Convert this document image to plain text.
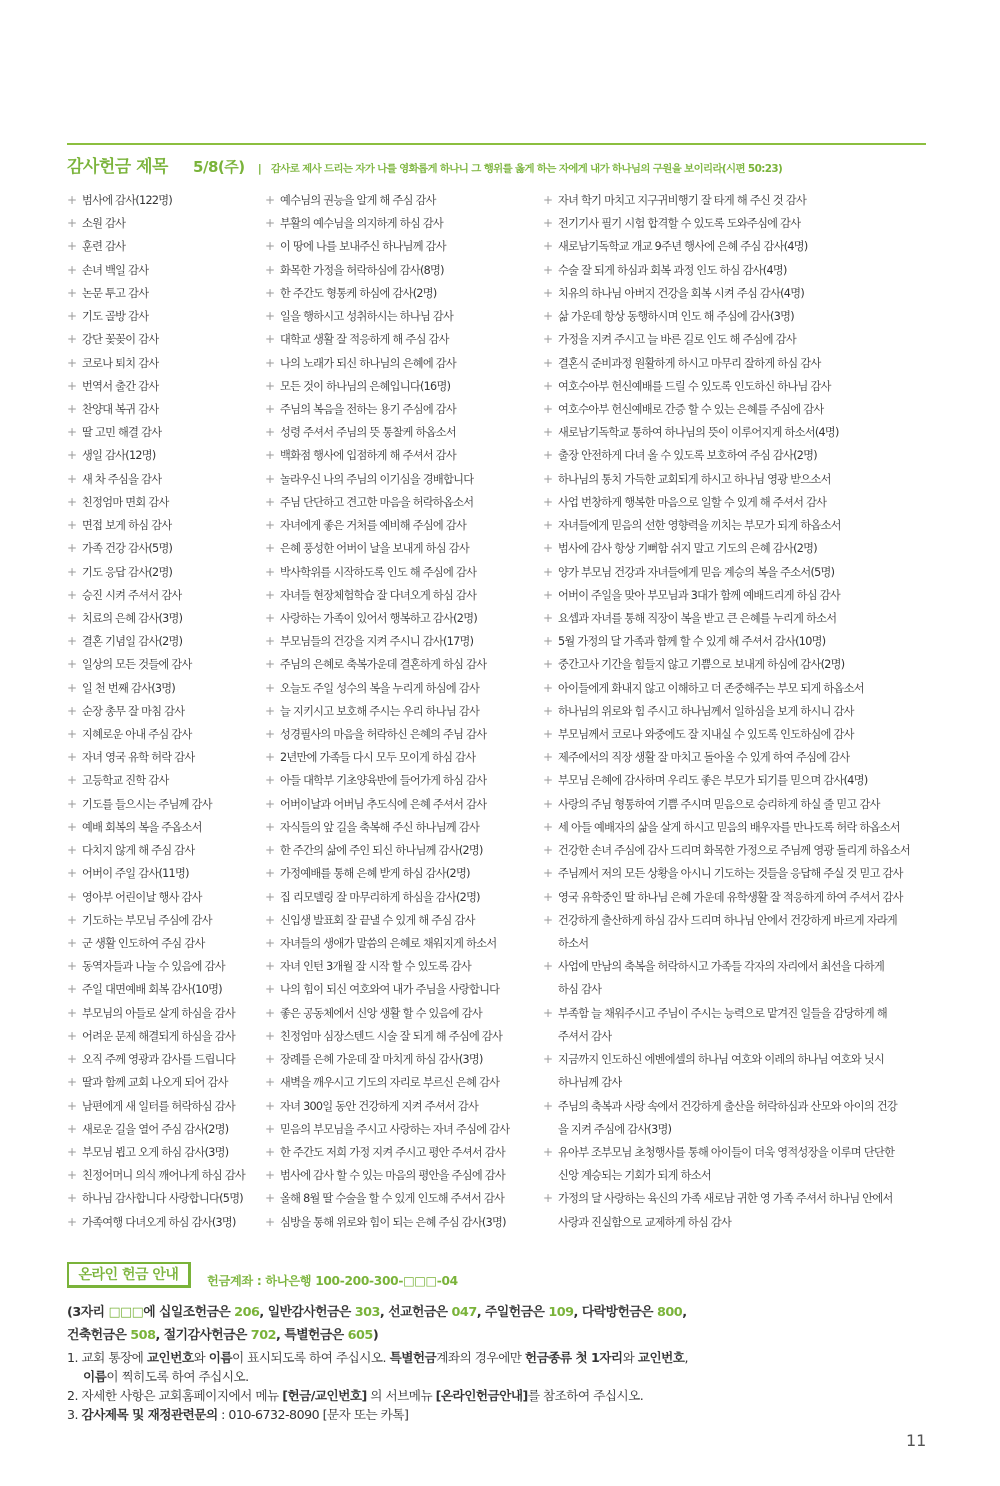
감사헌금 제목 5/8(주) | 감사로 제사 드리는 자가 나를 영화롭게 하나니 그 행위를 옳게 하는 자에게 내가 하나님의 구원을 보이리라(시편 50:23)
+ 범사에 감사(122명)
+ 소원 감사
+ 훈련 감사
+ 손녀 백일 감사
+ 논문 투고 감사
+ 기도 골방 감사
+ 강단 꽃꽂이 감사
+ 코로나 퇴치 감사
+ 번역서 출간 감사
+ 찬양대 복귀 감사
+ 딸 고민 해결 감사
+ 생일 감사(12명)
+ 새 차 주심을 감사
+ 친정엄마 면회 감사
+ 면접 보게 하심 감사
+ 가족 건강 감사(5명)
+ 기도 응답 감사(2명)
+ 승진 시켜 주셔서 감사
+ 치료의 은혜 감사(3명)
+ 결혼 기념일 감사(2명)
+ 일상의 모든 것들에 감사
+ 일 천 번째 감사(3명)
+ 순장 총무 잘 마침 감사
+ 지혜로운 아내 주심 감사
+ 자녀 영국 유학 허락 감사
+ 고등학교 진학 감사
+ 기도를 들으시는 주님께 감사
+ 예배 회복의 복을 주옵소서
+ 다치지 않게 해 주심 감사
+ 어버이 주일 감사(11명)
+ 영아부 어린이날 행사 감사
+ 기도하는 부모님 주심에 감사
+ 군 생활 인도하여 주심 감사
+ 동역자들과 나눌 수 있음에 감사
+ 주일 대면예배 회복 감사(10명)
+ 부모님의 아들로 살게 하심을 감사
+ 어려운 문제 해결되게 하심을 감사
+ 오직 주께 영광과 감사를 드립니다
+ 딸과 함께 교회 나오게 되어 감사
+ 남편에게 새 일터를 허락하심 감사
+ 새로운 길을 열어 주심 감사(2명)
+ 부모님 뵙고 오게 하심 감사(3명)
+ 친정어머니 의식 깨어나게 하심 감사
+ 하나님 감사합니다 사랑합니다(5명)
+ 가족여행 다녀오게 하심 감사(3명)
+ 예수님의 권능을 알게 해 주심 감사
+ 부활의 예수님을 의지하게 하심 감사
+ 이 땅에 나를 보내주신 하나님께 감사
+ 화목한 가정을 허락하심에 감사(8명)
+ 한 주간도 형통케 하심에 감사(2명)
+ 일을 행하시고 성취하시는 하나님 감사
+ 대학교 생활 잘 적응하게 해 주심 감사
+ 나의 노래가 되신 하나님의 은혜에 감사
+ 모든 것이 하나님의 은혜입니다(16명)
+ 주님의 복음을 전하는 용기 주심에 감사
+ 성령 주셔서 주님의 뜻 통찰케 하옵소서
+ 백화점 행사에 입점하게 해 주셔서 감사
+ 놀라우신 나의 주님의 이기심을 경배합니다
+ 주님 단단하고 견고한 마음을 허락하옵소서
+ 자녀에게 좋은 거처를 예비해 주심에 감사
+ 은혜 풍성한 어버이 날을 보내게 하심 감사
+ 박사학위를 시작하도록 인도 해 주심에 감사
+ 자녀들 현장체험학습 잘 다녀오게 하심 감사
+ 사랑하는 가족이 있어서 행복하고 감사(2명)
+ 부모님들의 건강을 지켜 주시니 감사(17명)
+ 주님의 은혜로 축복가운데 결혼하게 하심 감사
+ 오늘도 주일 성수의 복을 누리게 하심에 감사
+ 늘 지키시고 보호해 주시는 우리 하나님 감사
+ 성경필사의 마음을 허락하신 은혜의 주님 감사
+ 2년만에 가족들 다시 모두 모이게 하심 감사
+ 아들 대학부 기초양육반에 들어가게 하심 감사
+ 어버이날과 어버님 추도식에 은혜 주셔서 감사
+ 자식들의 앞 길을 축복해 주신 하나님께 감사
+ 한 주간의 삶에 주인 되신 하나님께 감사(2명)
+ 가정예배를 통해 은혜 받게 하심 감사(2명)
+ 집 리모델링 잘 마무리하게 하심을 감사(2명)
+ 신입생 발표회 잘 끝낼 수 있게 해 주심 감사
+ 자녀들의 생애가 말씀의 은혜로 채워지게 하소서
+ 자녀 인턴 3개월 잘 시작 할 수 있도록 감사
+ 나의 힘이 되신 여호와여 내가 주님을 사랑합니다
+ 좋은 공동체에서 신앙 생활 할 수 있음에 감사
+ 친정엄마 심장스텐드 시술 잘 되게 해 주심에 감사
+ 장례를 은혜 가운데 잘 마치게 하심 감사(3명)
+ 새벽을 깨우시고 기도의 자리로 부르신 은혜 감사
+ 자녀 300일 동안 건강하게 지켜 주셔서 감사
+ 믿음의 부모님을 주시고 사랑하는 자녀 주심에 감사
+ 한 주간도 저희 가정 지켜 주시고 평안 주셔서 감사
+ 범사에 감사 할 수 있는 마음의 평안을 주심에 감사
+ 올해 8월 딸 수술을 할 수 있게 인도해 주셔서 감사
+ 심방을 통해 위로와 힘이 되는 은혜 주심 감사(3명)
+ 자녀 학기 마치고 지구귀비행기 잘 타게 해 주신 것 감사
+ 전기기사 필기 시험 합격할 수 있도록 도와주심에 감사
+ 새로남기독학교 개교 9주년 행사에 은혜 주심 감사(4명)
+ 수술 잘 되게 하심과 회복 과정 인도 하심 감사(4명)
+ 치유의 하나님 아버지 건강을 회복 시켜 주심 감사(4명)
+ 삶 가운데 항상 동행하시며 인도 해 주심에 감사(3명)
+ 가정을 지켜 주시고 늘 바른 길로 인도 해 주심에 감사
+ 결혼식 준비과정 원활하게 하시고 마무리 잘하게 하심 감사
+ 여호수아부 헌신예배를 드릴 수 있도록 인도하신 하나님 감사
+ 여호수아부 헌신예배로 간증 할 수 있는 은혜를 주심에 감사
+ 새로남기독학교 통하여 하나님의 뜻이 이루어지게 하소서(4명)
+ 출장 안전하게 다녀 올 수 있도록 보호하여 주심 감사(2명)
+ 하나님의 통치 가득한 교회되게 하시고 하나님 영광 받으소서
+ 사업 번창하게 행복한 마음으로 일할 수 있게 해 주셔서 감사
+ 자녀들에게 믿음의 선한 영향력을 끼치는 부모가 되게 하옵소서
+ 범사에 감사 항상 기뻐함 쉬지 말고 기도의 은혜 감사(2명)
+ 양가 부모님 건강과 자녀들에게 믿음 계승의 복을 주소서(5명)
+ 어버이 주일을 맞아 부모님과 3대가 함께 예배드리게 하심 감사
+ 요셉과 자녀를 통해 직장이 복을 받고 큰 은혜를 누리게 하소서
+ 5월 가정의 달 가족과 함께 할 수 있게 해 주셔서 감사(10명)
+ 중간고사 기간을 힘들지 않고 기쁨으로 보내게 하심에 감사(2명)
+ 아이들에게 화내지 않고 이해하고 더 존중해주는 부모 되게 하옵소서
+ 하나님의 위로와 힘 주시고 하나님께서 일하심을 보게 하시니 감사
+ 부모님께서 코로나 와중에도 잘 지내실 수 있도록 인도하심에 감사
+ 제주에서의 직장 생활 잘 마치고 돌아올 수 있게 하여 주심에 감사
+ 부모님 은혜에 감사하며 우리도 좋은 부모가 되기를 믿으며 감사(4명)
+ 사랑의 주님 형통하여 기쁨 주시며 믿음으로 승리하게 하실 줄 믿고 감사
+ 세 아들 예배자의 삶을 살게 하시고 믿음의 배우자를 만나도록 허락 하옵소서
+ 건강한 손녀 주심에 감사 드리며 화목한 가정으로 주님께 영광 돌리게 하옵소서
+ 주님께서 저의 모든 상황을 아시니 기도하는 것들을 응답해 주실 것 믿고 감사
+ 영국 유학중인 딸 하나님 은혜 가운데 유학생활 잘 적응하게 하여 주셔서 감사
+ 건강하게 출산하게 하심 감사 드리며 하나님 안에서 건강하게 바르게 자라게
하소서
+ 사업에 만남의 축복을 허락하시고 가족들 각자의 자리에서 최선을 다하게
하심 감사
+ 부족함 늘 채워주시고 주님이 주시는 능력으로 맡겨진 일들을 감당하게 해
주셔서 감사
+ 지금까지 인도하신 에벤에셀의 하나님 여호와 이레의 하나님 여호와 닛시
하나님께 감사
+ 주님의 축복과 사랑 속에서 건강하게 출산을 허락하심과 산모와 아이의 건강
을 지켜 주심에 감사(3명)
+ 유아부 조부모님 초청행사를 통해 아이들이 더욱 영적성장을 이루며 단단한
신앙 계승되는 기회가 되게 하소서
+ 가정의 달 사랑하는 육신의 가족 새로남 귀한 영 가족 주셔서 하나님 안에서
사랑과 진실함으로 교제하게 하심 감사
온라인 헌금 안내	헌금계좌 : 하나은행 100-200-300-□□□-04
(3자리 □□□에 십일조헌금은 206, 일반감사헌금은 303, 선교헌금은 047, 주일헌금은 109, 다락방헌금은 800,
건축헌금은 508, 절기감사헌금은 702, 특별헌금은 605)
1. 교회 통장에 교인번호와 이름이 표시되도록 하여 주십시오. 특별헌금계좌의 경우에만 헌금종류 첫 1자리와 교인번호,
이름이 찍히도록 하여 주십시오.
2. 자세한 사항은 교회홈페이지에서 메뉴 [헌금/교인번호] 의 서브메뉴 [온라인헌금안내]를 참조하여 주십시오.
3. 감사제목 및 재정관련문의 : 010-6732-8090 [문자 또는 카톡]
11
